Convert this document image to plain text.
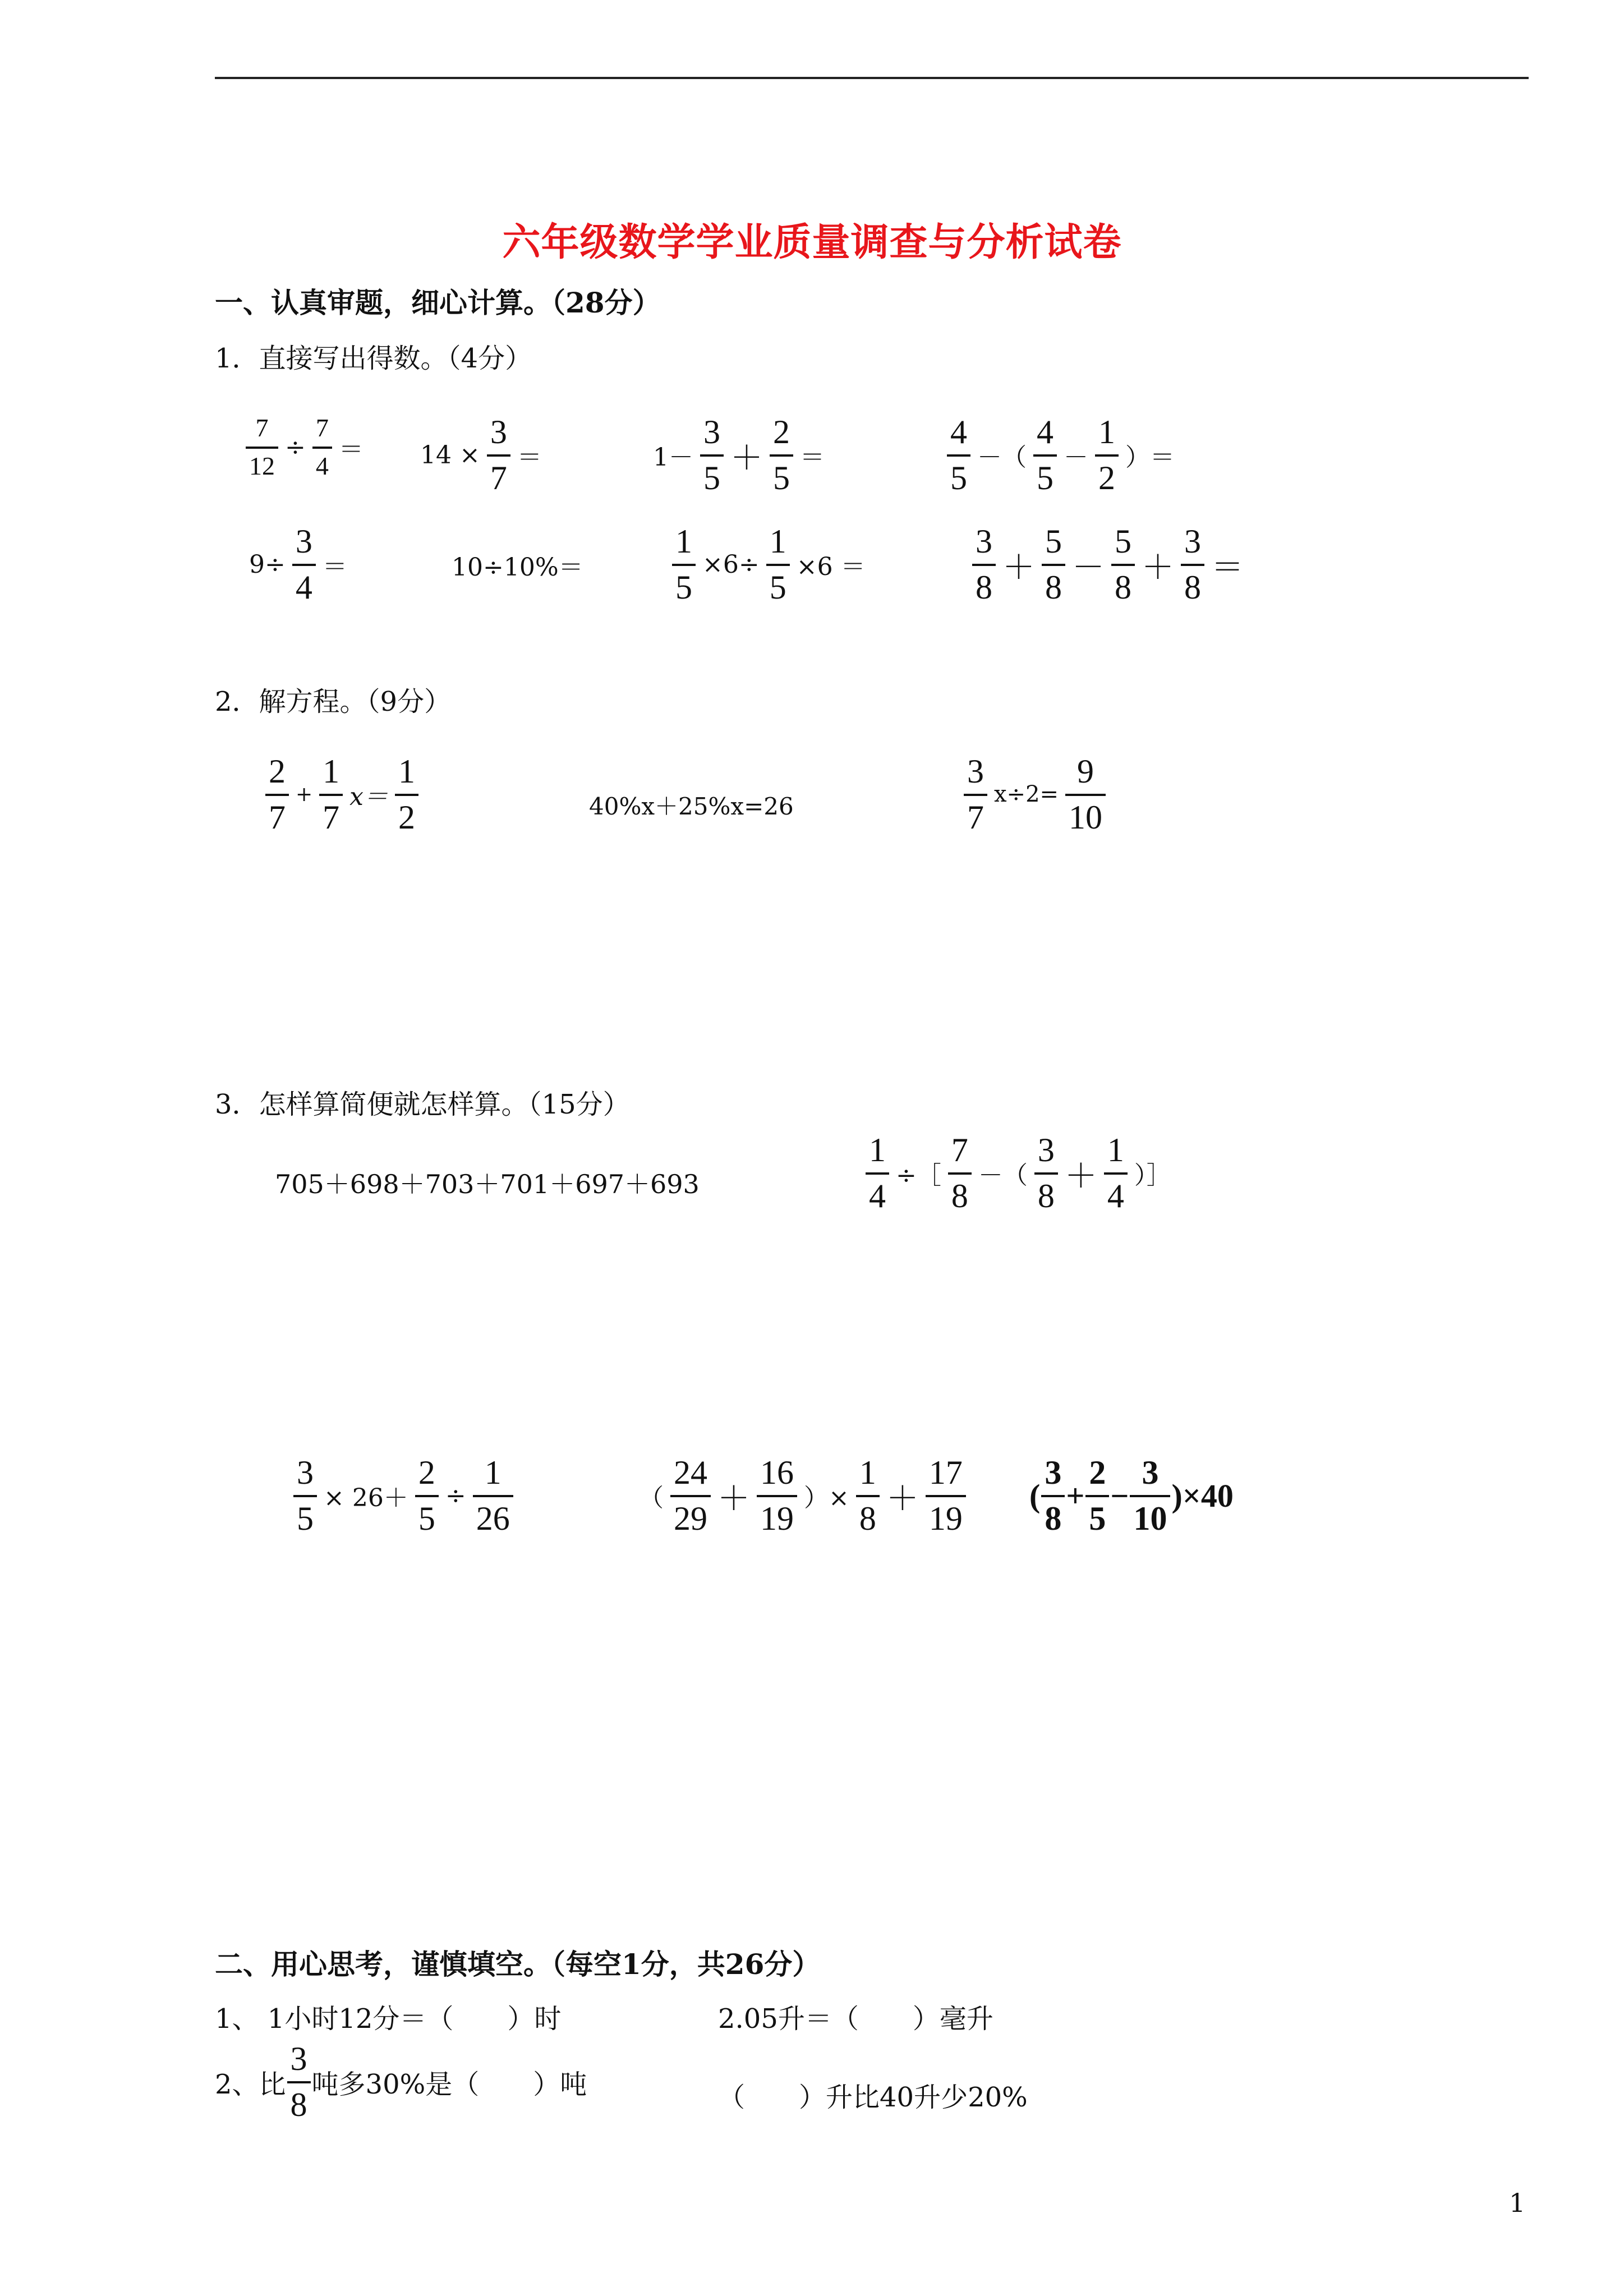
六年级数学学业质量调查与分析试卷
一、认真审题，细心计算。（28分）
1．直接写出得数。（4分）
7
12
÷
7
4
＝ 14 ×
3
7
＝	1－
3
5
＋
2
5
＝
4
5
－（
4
5
－
1
2
）＝
9÷
3
4
＝	10÷10%＝
1
5
×6÷
1
5
×6 ＝
3
8
＋
5
8
－
5
8
＋
3
8
＝
2．解方程。（9分）
2
7
+
1
7
x＝
1
2	40%x＋25%x=26
3
7
x÷2=
9
10
3．怎样算简便就怎样算。（15分）
705＋698＋703＋701＋697＋693
1
4
÷［
7
8
－（
3
8
＋
1
4
）］
3
5
× 26＋
2
5
÷
1
26
（
24
29
＋
16
19
）×
1
8
＋
17
19
(
3
8
+
2
5
−
3
10
)×40
二、用心思考，谨慎填空。（每空1分，共26分）
1、 1小时12分＝（　　）时	2.05升＝（　　）毫升
2、比
3
8
吨多30%是（　　）吨	（　　）升比40升少20%
1
